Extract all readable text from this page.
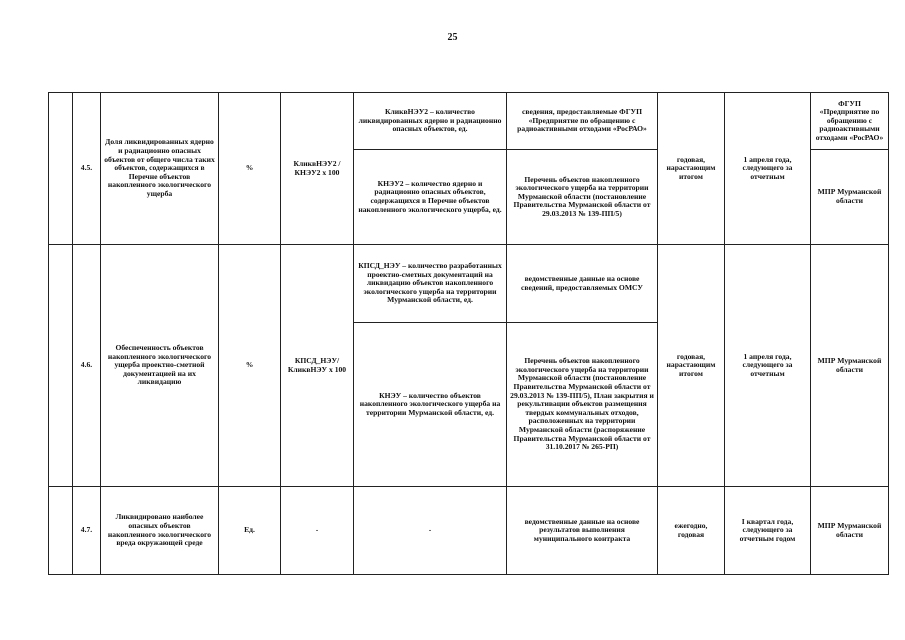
25
	4.5.	Доля ликвидированных ядерно и радиационно опасных объектов от общего числа таких объектов, содержащихся в Перечне объектов накопленного экологического ущерба	%	КликвНЭУ2 / КНЭУ2 х 100	КликвНЭУ2 – количество ликвидированных ядерно и радиационно опасных объектов, ед.	сведения, предоставляемые ФГУП «Предприятие по обращению с радиоактивными отходами «РосРАО»	годовая, нарастающим итогом	1 апреля года, следующего за отчетным	ФГУП «Предприятие по обращению с радиоактивными отходами «РосРАО»
					КНЭУ2 – количество ядерно и радиационно опасных объектов, содержащихся в Перечне объектов накопленного экологического ущерба, ед.	Перечень объектов накопленного экологического ущерба на территории Мурманской области (постановление Правительства Мурманской области от 29.03.2013 № 139-ПП/5)			МПР Мурманской области
	4.6.	Обеспеченность объектов накопленного экологического ущерба проектно-сметной документацией на их ликвидацию	%	КПСД_НЭУ/ КликвНЭУ х 100	КПСД_НЭУ – количество разработанных проектно-сметных документаций на ликвидацию объектов накопленного экологического ущерба на территории Мурманской области, ед.	ведомственные данные на основе сведений, предоставляемых ОМСУ	годовая, нарастающим итогом	1 апреля года, следующего за отчетным	МПР Мурманской области
					КНЭУ – количество объектов накопленного экологического ущерба на территории Мурманской области, ед.	Перечень объектов накопленного экологического ущерба на территории Мурманской области (постановление Правительства Мурманской области от 29.03.2013 № 139-ПП/5), План закрытия и рекультивации объектов размещения твердых коммунальных отходов, расположенных на территории Мурманской области (распоряжение Правительства Мурманской области от 31.10.2017 № 265-РП)			
	4.7.	Ликвидировано наиболее опасных объектов накопленного экологического вреда окружающей среде	Ед.	-	-	ведомственные данные на основе результатов выполнения муниципального контракта	ежегодно, годовая	I квартал года, следующего за отчетным годом	МПР Мурманской области
